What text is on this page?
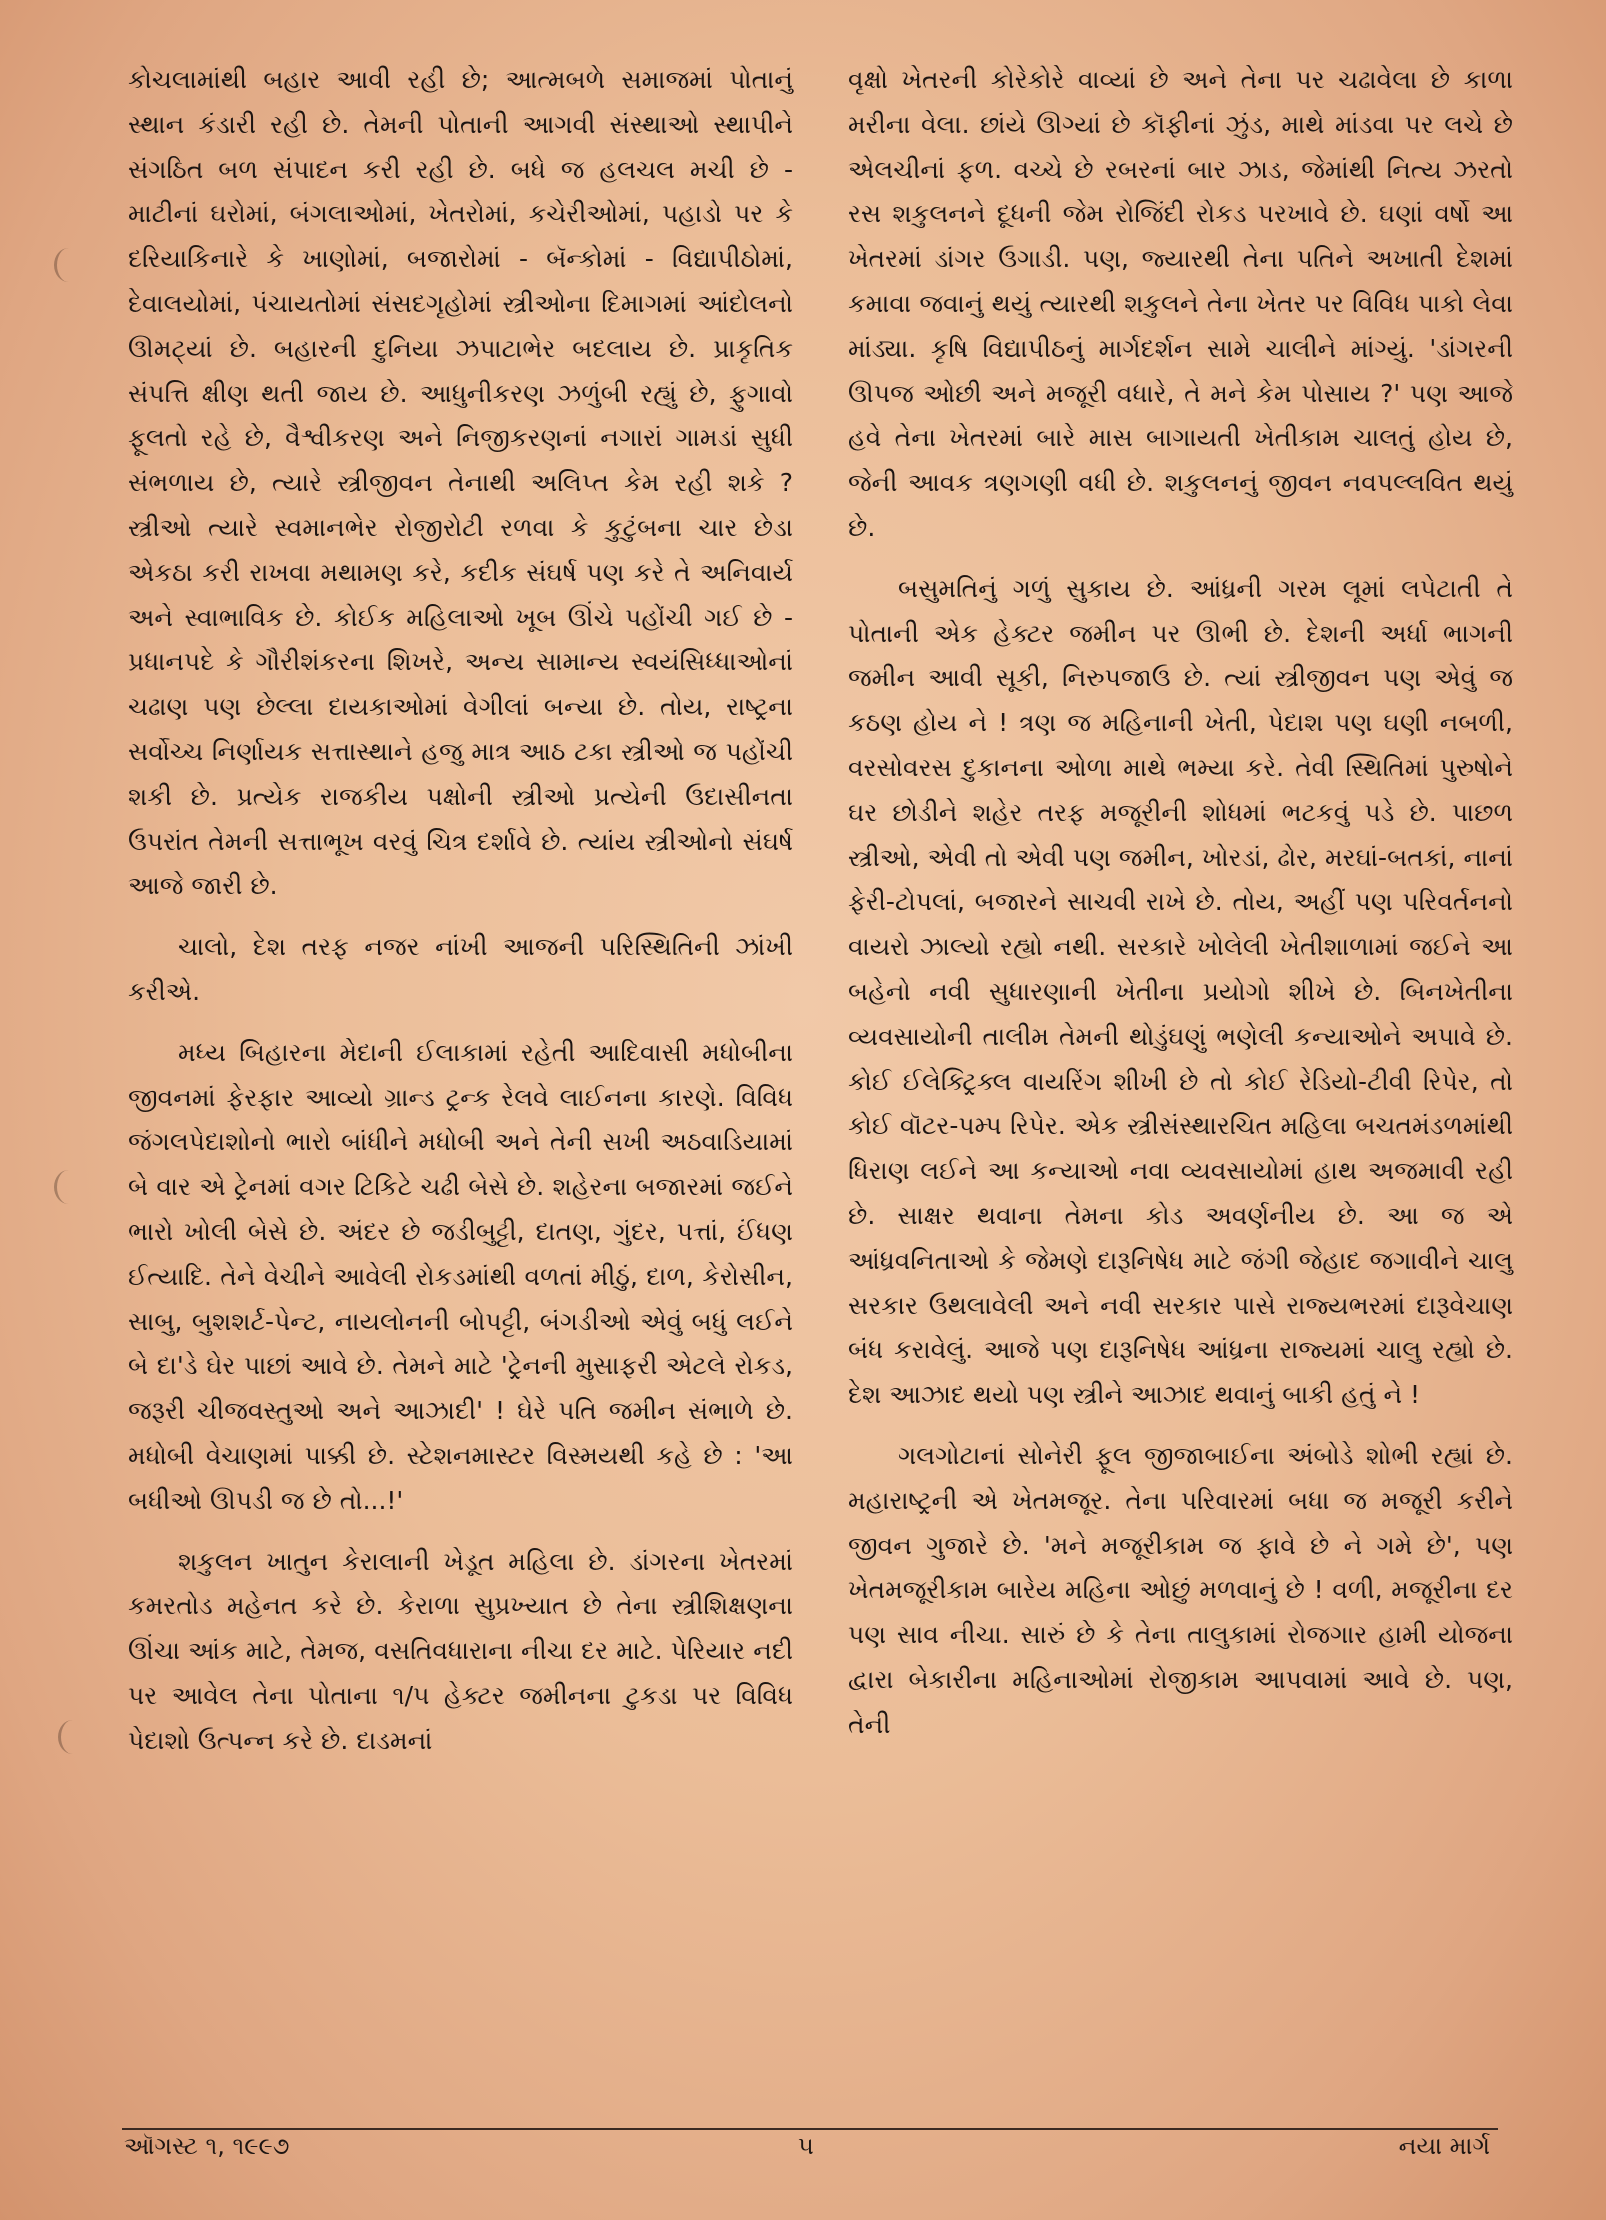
કોચલામાંથી બહાર આવી રહી છે; આત્મબળે સમાજમાં પોતાનું સ્થાન કંડારી રહી છે. તેમની પોતાની આગવી સંસ્થાઓ સ્થાપીને સંગઠિત બળ સંપાદન કરી રહી છે. બધે જ હલચલ મચી છે - માટીનાં ઘરોમાં, બંગલાઓમાં, ખેતરોમાં, કચેરીઓમાં, પહાડો પર કે દરિયાકિનારે કે ખાણોમાં, બજારોમાં - બૅન્કોમાં - વિદ્યાપીઠોમાં, દેવાલયોમાં, પંચાયતોમાં સંસદગૃહોમાં સ્ત્રીઓના દિમાગમાં આંદોલનો ઊમટ્યાં છે. બહારની દુનિયા ઝપાટાભેર બદલાય છે. પ્રાકૃતિક સંપત્તિ ક્ષીણ થતી જાય છે. આધુનીકરણ ઝળુંબી રહ્યું છે, ફુગાવો ફૂલતો રહે છે, વૈશ્વીકરણ અને નિજીકરણનાં નગારાં ગામડાં સુધી સંભળાય છે, ત્યારે સ્ત્રીજીવન તેનાથી અલિપ્ત કેમ રહી શકે ? સ્ત્રીઓ ત્યારે સ્વમાનભેર રોજીરોટી રળવા કે કુટુંબના ચાર છેડા એકઠા કરી રાખવા મથામણ કરે, કદીક સંઘર્ષ પણ કરે તે અનિવાર્ય અને સ્વાભાવિક છે. કોઈક મહિલાઓ ખૂબ ઊંચે પહોંચી ગઈ છે - પ્રધાનપદે કે ગૌરીશંકરના શિખરે, અન્ય સામાન્ય સ્વયંસિધ્ધાઓનાં ચઢાણ પણ છેલ્લા દાયકાઓમાં વેગીલાં બન્યા છે. તોય, રાષ્ટ્રના સર્વોચ્ચ નિર્ણાયક સત્તાસ્થાને હજુ માત્ર આઠ ટકા સ્ત્રીઓ જ પહોંચી શકી છે. પ્રત્યેક રાજકીય પક્ષોની સ્ત્રીઓ પ્રત્યેની ઉદાસીનતા ઉપરાંત તેમની સત્તાભૂખ વરવું ચિત્ર દર્શાવે છે. ત્યાંય સ્ત્રીઓનો સંઘર્ષ આજે જારી છે.

ચાલો, દેશ તરફ નજર નાંખી આજની પરિસ્થિતિની ઝાંખી કરીએ.

મધ્ય બિહારના મેદાની ઈલાકામાં રહેતી આદિવાસી મધોબીના જીવનમાં ફેરફાર આવ્યો ગ્રાન્ડ ટ્રન્ક રેલવે લાઈનના કારણે. વિવિધ જંગલપેદાશોનો ભારો બાંધીને મધોબી અને તેની સખી અઠવાડિયામાં બે વાર એ ટ્રેનમાં વગર ટિકિટે ચઢી બેસે છે. શહેરના બજારમાં જઈને ભારો ખોલી બેસે છે. અંદર છે જડીબુટ્ટી, દાતણ, ગુંદર, પત્તાં, ઈંધણ ઈત્યાદિ. તેને વેચીને આવેલી રોકડમાંથી વળતાં મીઠું, દાળ, કેરોસીન, સાબુ, બુશશર્ટ-પેન્ટ, નાયલોનની બોપટ્ટી, બંગડીઓ એવું બધું લઈને બે દા'ડે ઘેર પાછાં આવે છે. તેમને માટે 'ટ્રેનની મુસાફરી એટલે રોકડ, જરૂરી ચીજવસ્તુઓ અને આઝાદી' ! ઘેરે પતિ જમીન સંભાળે છે. મધોબી વેચાણમાં પાક્કી છે. સ્ટેશનમાસ્ટર વિસ્મયથી કહે છે : 'આ બધીઓ ઊપડી જ છે તો...!'

શકુલન ખાતુન કેરાલાની ખેડૂત મહિલા છે. ડાંગરના ખેતરમાં કમરતોડ મહેનત કરે છે. કેરાળા સુપ્રખ્યાત છે તેના સ્ત્રીશિક્ષણના ઊંચા આંક માટે, તેમજ, વસતિવધારાના નીચા દર માટે. પેરિયાર નદી પર આવેલ તેના પોતાના ૧/૫ હેક્ટર જમીનના ટુકડા પર વિવિધ પેદાશો ઉત્પન્ન કરે છે. દાડમનાં

વૃક્ષો ખેતરની કોરેકોરે વાવ્યાં છે અને તેના પર ચઢાવેલા છે કાળા મરીના વેલા. છાંયે ઊગ્યાં છે કૉફીનાં ઝુંડ, માથે માંડવા પર લચે છે એલચીનાં ફળ. વચ્ચે છે રબરનાં બાર ઝાડ, જેમાંથી નિત્ય ઝરતો રસ શકુલનને દૂધની જેમ રોજિંદી રોકડ પરખાવે છે. ઘણાં વર્ષો આ ખેતરમાં ડાંગર ઉગાડી. પણ, જ્યારથી તેના પતિને અખાતી દેશમાં કમાવા જવાનું થયું ત્યારથી શકુલને તેના ખેતર પર વિવિધ પાકો લેવા માંડ્યા. કૃષિ વિદ્યાપીઠનું માર્ગદર્શન સામે ચાલીને માંગ્યું. 'ડાંગરની ઊપજ ઓછી અને મજૂરી વધારે, તે મને કેમ પોસાય ?' પણ આજે હવે તેના ખેતરમાં બારે માસ બાગાયતી ખેતીકામ ચાલતું હોય છે, જેની આવક ત્રણગણી વધી છે. શકુલનનું જીવન નવપલ્લવિત થયું છે.

બસુમતિનું ગળું સુકાય છે. આંધ્રની ગરમ લૂમાં લપેટાતી તે પોતાની એક હેક્ટર જમીન પર ઊભી છે. દેશની અર્ધા ભાગની જમીન આવી સૂકી, નિરુપજાઉ છે. ત્યાં સ્ત્રીજીવન પણ એવું જ કઠણ હોય ને ! ત્રણ જ મહિનાની ખેતી, પેદાશ પણ ઘણી નબળી, વરસોવરસ દુકાનના ઓળા માથે ભમ્યા કરે. તેવી સ્થિતિમાં પુરુષોને ઘર છોડીને શહેર તરફ મજૂરીની શોધમાં ભટકવું પડે છે. પાછળ સ્ત્રીઓ, એવી તો એવી પણ જમીન, ખોરડાં, ઢોર, મરઘાં-બતકાં, નાનાં ફેરી-ટોપલાં, બજારને સાચવી રાખે છે. તોય, અહીં પણ પરિવર્તનનો વાયરો ઝાલ્યો રહ્યો નથી. સરકારે ખોલેલી ખેતીશાળામાં જઈને આ બહેનો નવી સુધારણાની ખેતીના પ્રયોગો શીખે છે. બિનખેતીના વ્યવસાયોની તાલીમ તેમની થોડુંઘણું ભણેલી કન્યાઓને અપાવે છે. કોઈ ઈલેક્ટ્રિક્લ વાયરિંગ શીખી છે તો કોઈ રેડિયો-ટીવી રિપેર, તો કોઈ વૉટર-પમ્પ રિપેર. એક સ્ત્રીસંસ્થારચિત મહિલા બચતમંડળમાંથી ધિરાણ લઈને આ કન્યાઓ નવા વ્યવસાયોમાં હાથ અજમાવી રહી છે. સાક્ષર થવાના તેમના કોડ અવર્ણનીય છે. આ જ એ આંધ્રવનિતાઓ કે જેમણે દારૂનિષેધ માટે જંગી જેહાદ જગાવીને ચાલુ સરકાર ઉથલાવેલી અને નવી સરકાર પાસે રાજ્યભરમાં દારૂવેચાણ બંધ કરાવેલું. આજે પણ દારૂનિષેધ આંધ્રના રાજ્યમાં ચાલુ રહ્યો છે. દેશ આઝાદ થયો પણ સ્ત્રીને આઝાદ થવાનું બાકી હતું ને !

ગલગોટાનાં સોનેરી ફૂલ જીજાબાઈના અંબોડે શોભી રહ્યાં છે. મહારાષ્ટ્રની એ ખેતમજૂર. તેના પરિવારમાં બધા જ મજૂરી કરીને જીવન ગુજારે છે. 'મને મજૂરીકામ જ ફાવે છે ને ગમે છે', પણ ખેતમજૂરીકામ બારેય મહિના ઓછું મળવાનું છે ! વળી, મજૂરીના દર પણ સાવ નીચા. સારું છે કે તેના તાલુકામાં રોજગાર હામી યોજના દ્વારા બેકારીના મહિનાઓમાં રોજીકામ આપવામાં આવે છે. પણ, તેની

ઑગસ્ટ ૧, ૧૯૯૭	૫	નયા માર્ગ
